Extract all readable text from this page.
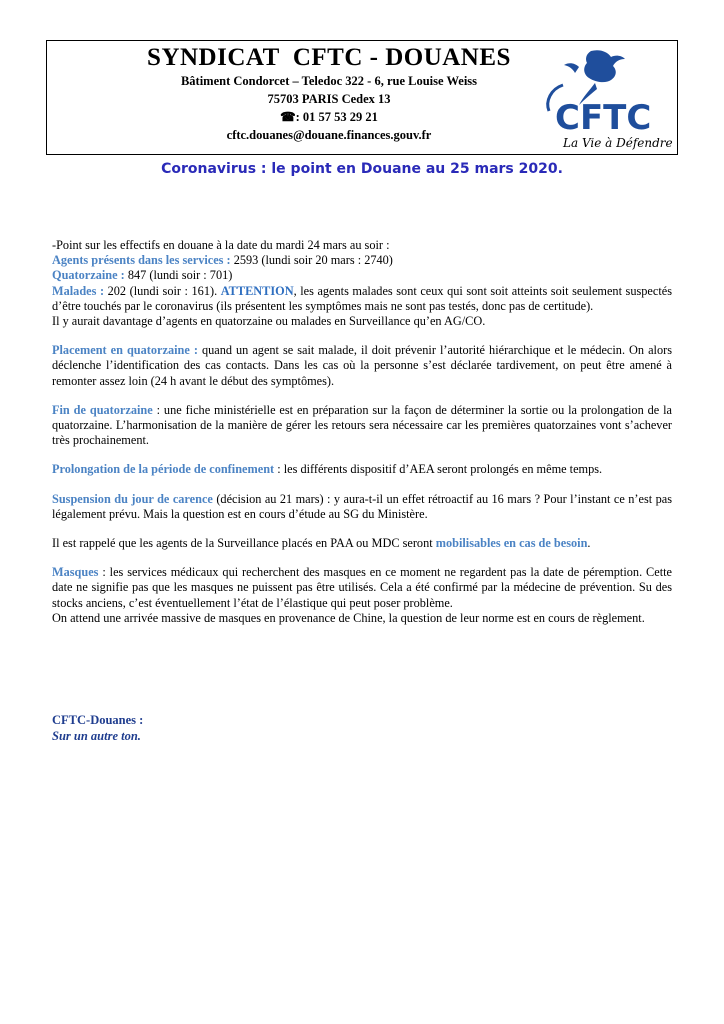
SYNDICAT  CFTC - DOUANES
Bâtiment Condorcet – Teledoc 322 - 6, rue Louise Weiss
75703 PARIS Cedex 13
☎: 01 57 53 29 21
cftc.douanes@douane.finances.gouv.fr	CFTC
La Vie à Défendre
Coronavirus : le point en Douane au 25 mars 2020.

-Point sur les effectifs en douane à la date du mardi 24 mars au soir :

Agents présents dans les services : 2593 (lundi soir 20 mars : 2740)

Quatorzaine : 847 (lundi soir : 701)

Malades : 202 (lundi soir : 161). ATTENTION, les agents malades sont ceux qui sont soit atteints soit seulement suspectés d’être touchés par le coronavirus (ils présentent les symptômes mais ne sont pas testés, donc pas de certitude).

Il y aurait davantage d’agents en quatorzaine ou malades en Surveillance qu’en AG/CO.

Placement en quatorzaine : quand un agent se sait malade, il doit prévenir l’autorité hiérarchique et le médecin. On alors déclenche l’identification des cas contacts. Dans les cas où la personne s’est déclarée tardivement, on peut être amené à remonter assez loin (24 h avant le début des symptômes).

Fin de quatorzaine : une fiche ministérielle est en préparation sur la façon de déterminer la sortie ou la prolongation de la quatorzaine. L’harmonisation de la manière de gérer les retours sera nécessaire car les premières quatorzaines vont s’achever très prochainement.

Prolongation de la période de confinement : les différents dispositif d’AEA seront prolongés en même temps.

Suspension du jour de carence (décision au 21 mars) : y aura-t-il un effet rétroactif au 16 mars ? Pour l’instant ce n’est pas légalement prévu. Mais la question est en cours d’étude au SG du Ministère.

Il est rappelé que les agents de la Surveillance placés en PAA ou MDC seront mobilisables en cas de besoin.

Masques : les services médicaux qui recherchent des masques en ce moment ne regardent pas la date de péremption. Cette date ne signifie pas que les masques ne puissent pas être utilisés. Cela a été confirmé par la médecine de prévention. Su des stocks anciens, c’est éventuellement l’état de l’élastique qui peut poser problème.

On attend une arrivée massive de masques en provenance de Chine, la question de leur norme est en cours de règlement.

CFTC-Douanes :
Sur un autre ton.
